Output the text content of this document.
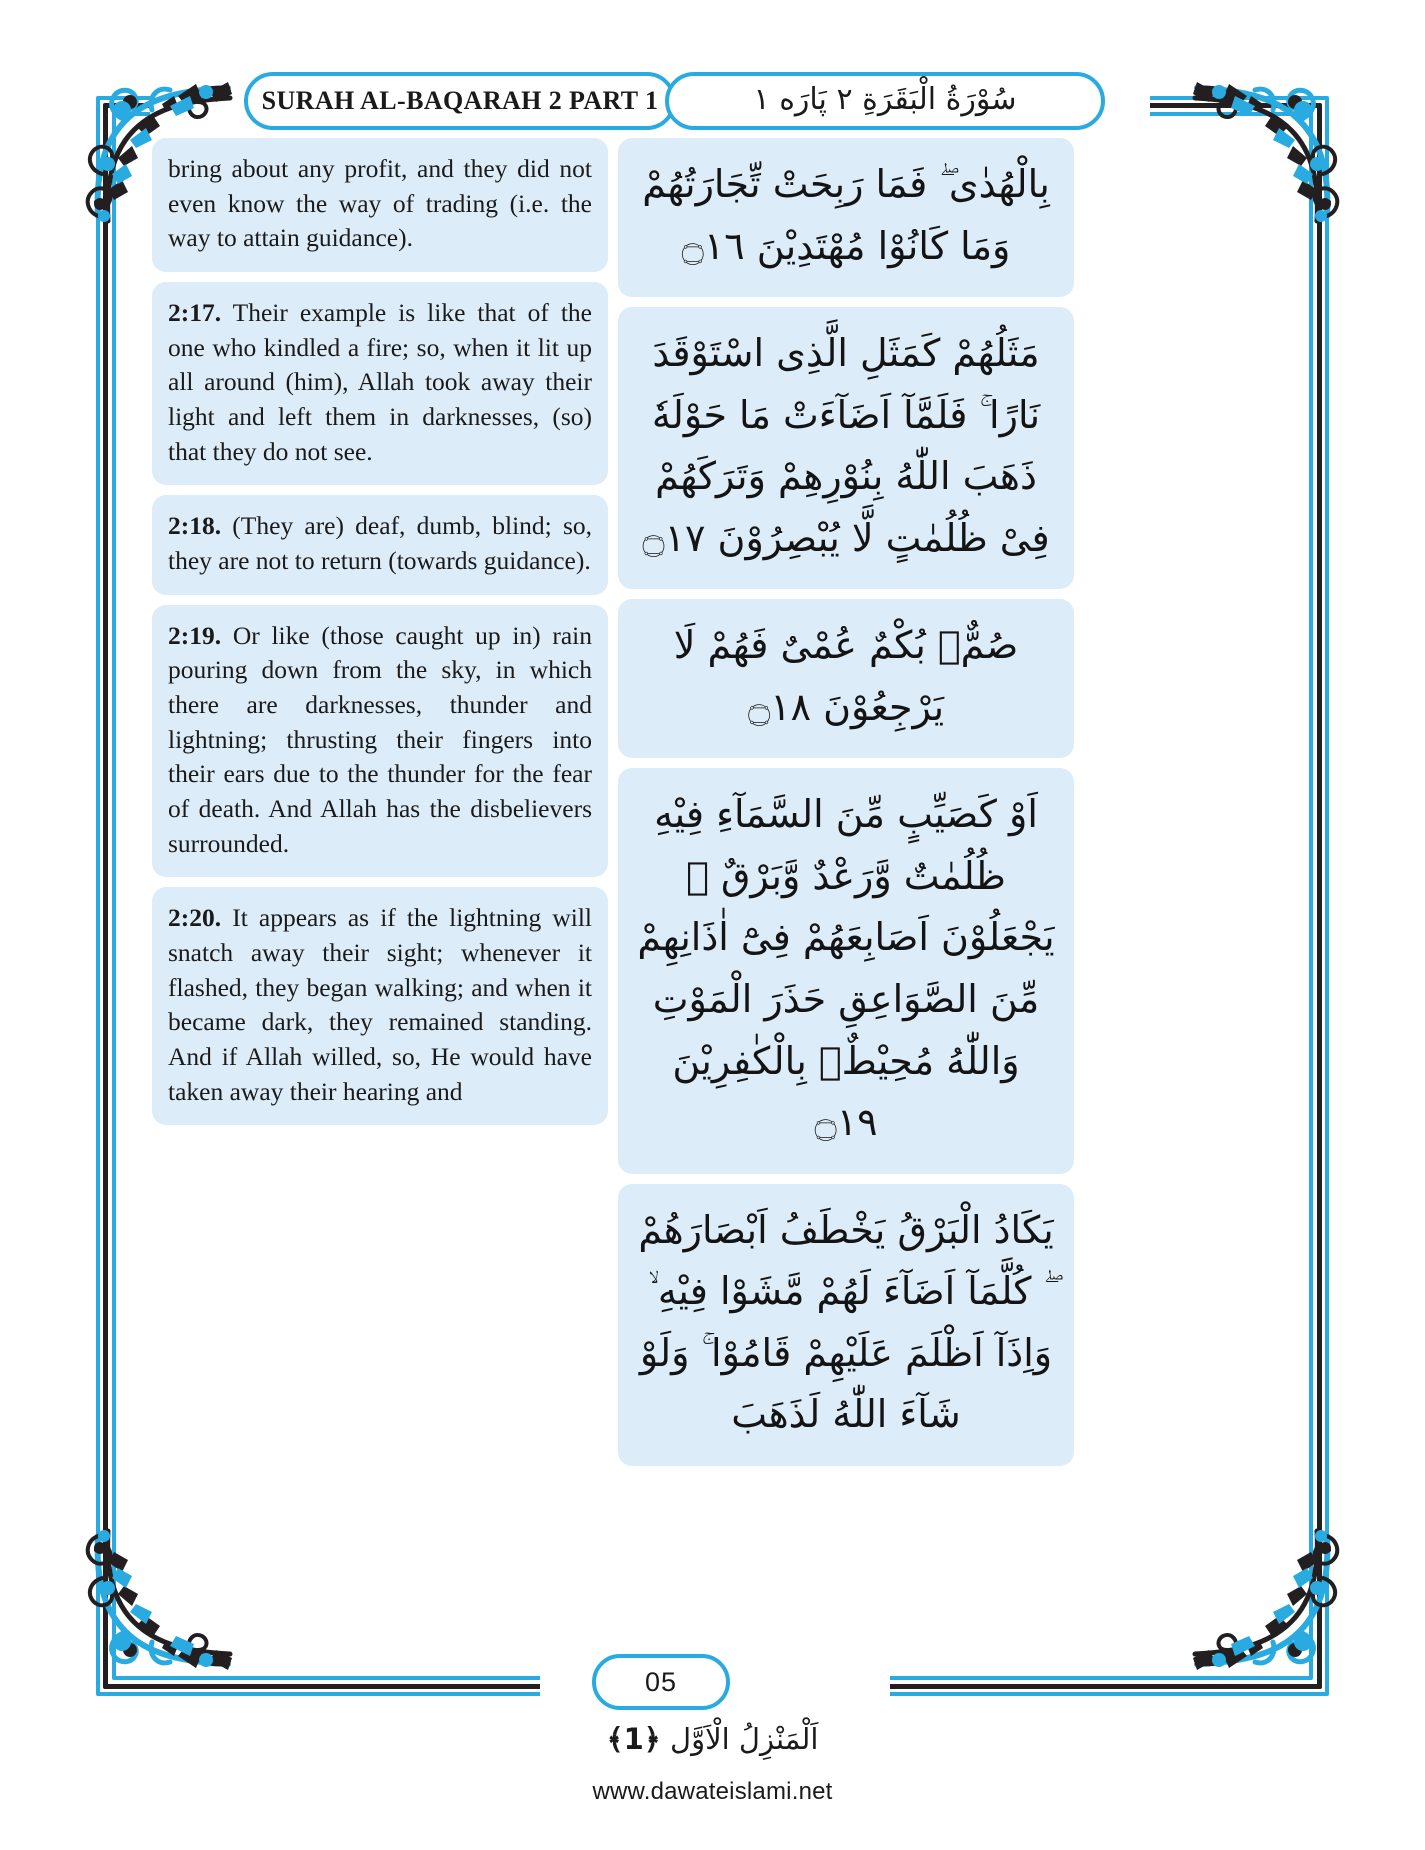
SURAH AL-BAQARAH 2 PART 1	سُوْرَةُ الْبَقَرَةِ ٢ پَارَه ١
bring about any profit, and they did not even know the way of trading (i.e. the way to attain guidance).
2:17. Their example is like that of the one who kindled a fire; so, when it lit up all around (him), Allah took away their light and left them in darknesses, (so) that they do not see.
2:18. (They are) deaf, dumb, blind; so, they are not to return (towards guidance).
2:19. Or like (those caught up in) rain pouring down from the sky, in which there are darknesses, thunder and lightning; thrusting their fingers into their ears due to the thunder for the fear of death. And Allah has the disbelievers surrounded.
2:20. It appears as if the lightning will snatch away their sight; whenever it flashed, they began walking; and when it became dark, they remained standing. And if Allah willed, so, He would have taken away their hearing and
بِالْهُدٰى ۖ فَمَا رَبِحَتْ تِّجَارَتُهُمْ وَمَا كَانُوْا مُهْتَدِيْنَ ۝١٦
مَثَلُهُمْ كَمَثَلِ الَّذِى اسْتَوْقَدَ نَارًا ۚ فَلَمَّآ اَضَآءَتْ مَا حَوْلَهٗ ذَهَبَ اللّٰهُ بِنُوْرِهِمْ وَتَرَكَهُمْ فِىْ ظُلُمٰتٍ لَّا يُبْصِرُوْنَ ۝١٧
صُمٌّۢ بُكْمٌ عُمْىٌ فَهُمْ لَا يَرْجِعُوْنَ ۝١٨
اَوْ كَصَيِّبٍ مِّنَ السَّمَآءِ فِيْهِ ظُلُمٰتٌ وَّرَعْدٌ وَّبَرْقٌ ۚ يَجْعَلُوْنَ اَصَابِعَهُمْ فِىْٓ اٰذَانِهِمْ مِّنَ الصَّوَاعِقِ حَذَرَ الْمَوْتِ ۚ وَاللّٰهُ مُحِيْطٌۢ بِالْكٰفِرِيْنَ ۝١٩
يَكَادُ الْبَرْقُ يَخْطَفُ اَبْصَارَهُمْ ۖ كُلَّمَآ اَضَآءَ لَهُمْ مَّشَوْا فِيْهِ ۙ وَاِذَآ اَظْلَمَ عَلَيْهِمْ قَامُوْا ۚ وَلَوْ شَآءَ اللّٰهُ لَذَهَبَ
05
اَلْمَنْزِلُ الْاَوَّل ﴿1﴾
www.dawateislami.net
